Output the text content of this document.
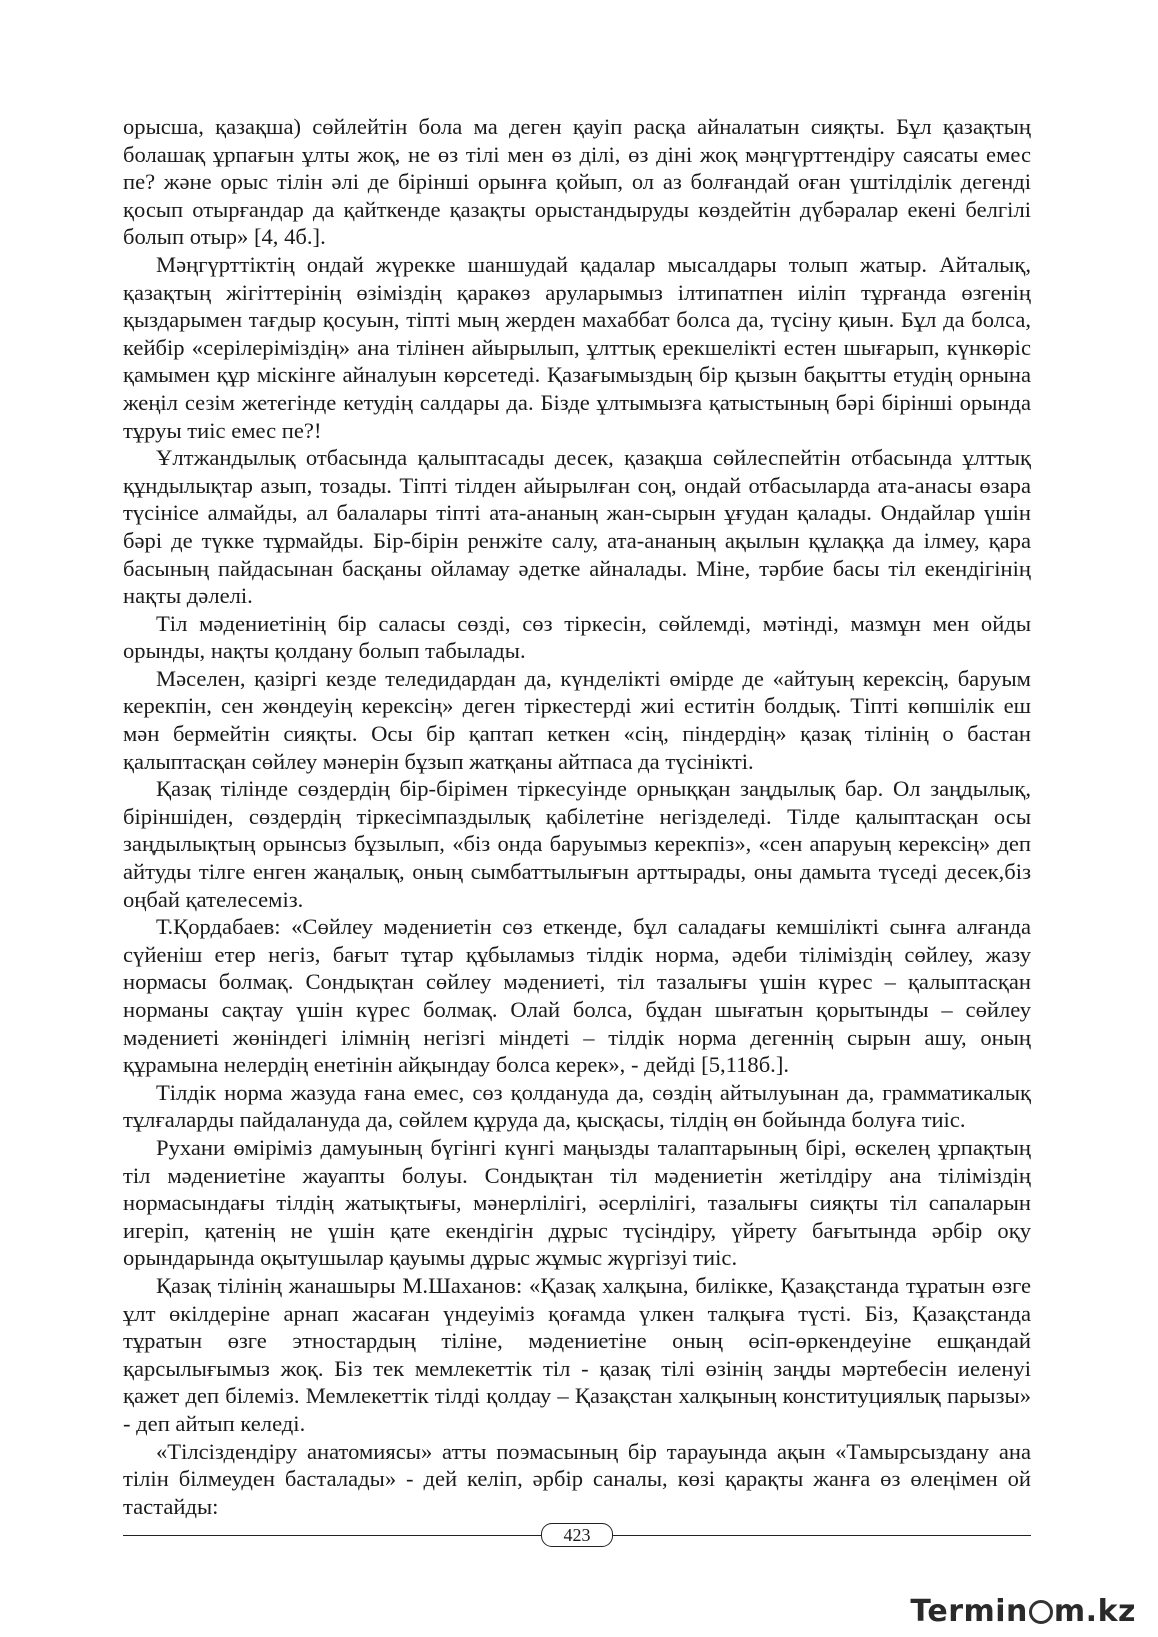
орысша, қазақша) сөйлейтін бола ма деген қауіп расқа айналатын сияқты. Бұл қазақтың болашақ ұрпағын ұлты жоқ, не өз тілі мен өз ділі, өз діні жоқ мәңгүрттендіру саясаты емес пе? және орыс тілін әлі де бірінші орынға қойып, ол аз болғандай оған үштілділік дегенді қосып отырғандар да қайткенде қазақты орыстандыруды көздейтін дүбәралар екені белгілі болып отыр» [4, 4б.].

Мәңгүрттіктің ондай жүрекке шаншудай қадалар мысалдары толып жатыр. Айталық, қазақтың жігіттерінің өзіміздің қаракөз аруларымыз ілтипатпен иіліп тұрғанда өзгенің қыздарымен тағдыр қосуын, тіпті мың жерден махаббат болса да, түсіну қиын. Бұл да болса, кейбір «серілеріміздің» ана тілінен айырылып, ұлттық ерекшелікті естен шығарып, күнкөріс қамымен құр міскінге айналуын көрсетеді. Қазағымыздың бір қызын бақытты етудің орнына жеңіл сезім жетегінде кетудің салдары да. Бізде ұлтымызға қатыстының бәрі бірінші орында тұруы тиіс емес пе?!

Ұлтжандылық отбасында қалыптасады десек, қазақша сөйлеспейтін отбасында ұлттық құндылықтар азып, тозады. Тіпті тілден айырылған соң, ондай отбасыларда ата-анасы өзара түсініce алмайды, ал балалары тіпті ата-ананың жан-сырын ұғудан қалады. Ондайлар үшін бәрі де түкке тұрмайды. Бір-бірін ренжіте салу, ата-ананың ақылын құлаққа да ілмеу, қара басының пайдасынан басқаны ойламау әдетке айналады. Міне, тәрбие басы тіл екендігінің нақты дәлелі.

Тіл мәдениетінің бір саласы сөзді, сөз тіркесін, сөйлемді, мәтінді, мазмұн мен ойды орынды, нақты қолдану болып табылады.

Мәселен, қазіргі кезде теледидардан да, күнделікті өмірде де «айтуың керексің, баруым керекпін, сен жөндеуің керексің» деген тіркестерді жиі еститін болдық. Тіпті көпшілік еш мән бермейтін сияқты. Осы бір қаптап кеткен «сің, піндердің» қазақ тілінің о бастан қалыптасқан сөйлеу мәнерін бұзып жатқаны айтпаса да түсінікті.

Қазақ тілінде сөздердің бір-бірімен тіркесуінде орныққан заңдылық бар. Ол заңдылық, біріншіден, сөздердің тіркесімпаздылық қабілетіне негізделеді. Тілде қалыптасқан осы заңдылықтың орынсыз бұзылып, «біз онда баруымыз керекпіз», «сен апаруың керексің» деп айтуды тілге енген жаңалық, оның сымбаттылығын арттырады, оны дамыта түседі десек,біз оңбай қателесеміз.

Т.Қордабаев: «Сөйлеу мәдениетін сөз еткенде, бұл саладағы кемшілікті сынға алғанда сүйеніш етер негіз, бағыт тұтар құбыламыз тілдік норма, әдеби тіліміздің сөйлеу, жазу нормасы болмақ. Сондықтан сөйлеу мәдениеті, тіл тазалығы үшін күрес – қалыптасқан норманы сақтау үшін күрес болмақ. Олай болса, бұдан шығатын қорытынды – сөйлеу мәдениеті жөніндегі ілімнің негізгі міндеті – тілдік норма дегеннің сырын ашу, оның құрамына нелердің енетінін айқындау болса керек», - дейді [5,118б.].

Тілдік норма жазуда ғана емес, сөз қолдануда да, сөздің айтылуынан да, грамматикалық тұлғаларды пайдалануда да, сөйлем құруда да, қысқасы, тілдің өн бойында болуға тиіс.

Рухани өміріміз дамуының бүгінгі күнгі маңызды талаптарының бірі, өскелең ұрпақтың тіл мәдениетіне жауапты болуы. Сондықтан тіл мәдениетін жетілдіру ана тіліміздің нормасындағы тілдің жатықтығы, мәнерлілігі, әсерлілігі, тазалығы сияқты тіл сапаларын игеріп, қатенің не үшін қате екендігін дұрыс түсіндіру, үйрету бағытында әрбір оқу орындарында оқытушылар қауымы дұрыс жұмыс жүргізуі тиіс.

Қазақ тілінің жанашыры М.Шаханов: «Қазақ халқына, билікке, Қазақстанда тұратын өзге ұлт өкілдеріне арнап жасаған үндеуіміз қоғамда үлкен талқыға түсті. Біз, Қазақстанда тұратын өзге этностардың тіліне, мәдениетіне оның өсіп-өркендеуіне ешқандай қарсылығымыз жоқ. Біз тек мемлекеттік тіл - қазақ тілі өзінің заңды мәртебесін иеленуі қажет деп білеміз. Мемлекеттік тілді қолдау – Қазақстан халқының конституциялық парызы» - деп айтып келеді.

«Тілсіздендіру анатомиясы» атты поэмасының бір тарауында ақын «Тамырсыздану ана тілін білмеуден басталады» - дей келіп, әрбір саналы, көзі қарақты жанға өз өлеңімен ой тастайды:

423
Termin m.kz
